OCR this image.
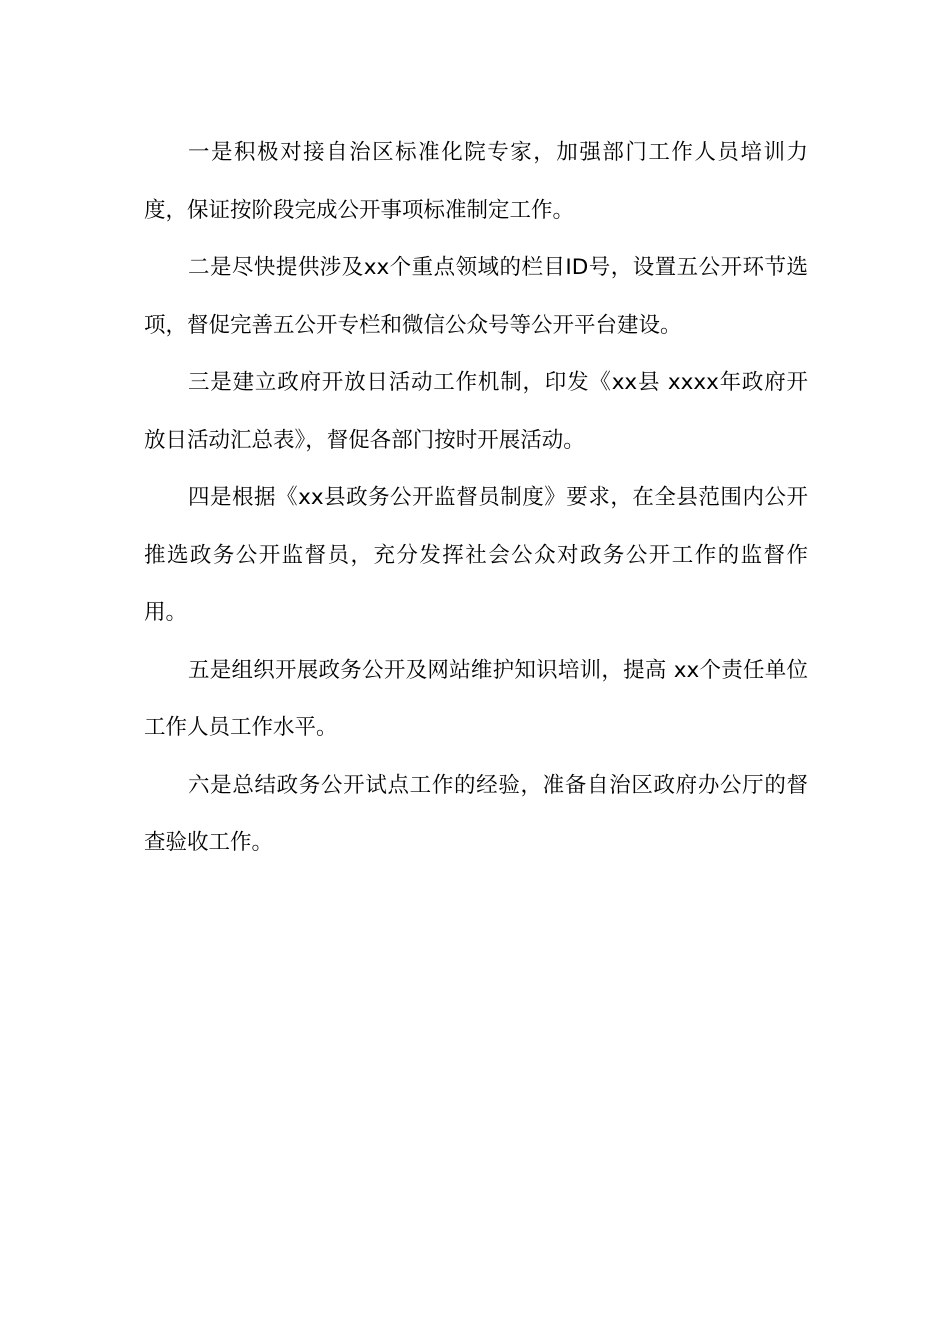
一是积极对接自治区标准化院专家，加强部门工作人员培训力度，保证按阶段完成公开事项标准制定工作。

二是尽快提供涉及xx个重点领域的栏目ID号，设置五公开环节选项，督促完善五公开专栏和微信公众号等公开平台建设。

三是建立政府开放日活动工作机制，印发《xx县 xxxx年政府开放日活动汇总表》，督促各部门按时开展活动。

四是根据《xx县政务公开监督员制度》要求，在全县范围内公开推选政务公开监督员，充分发挥社会公众对政务公开工作的监督作用。

五是组织开展政务公开及网站维护知识培训，提高 xx个责任单位工作人员工作水平。

六是总结政务公开试点工作的经验，准备自治区政府办公厅的督查验收工作。
